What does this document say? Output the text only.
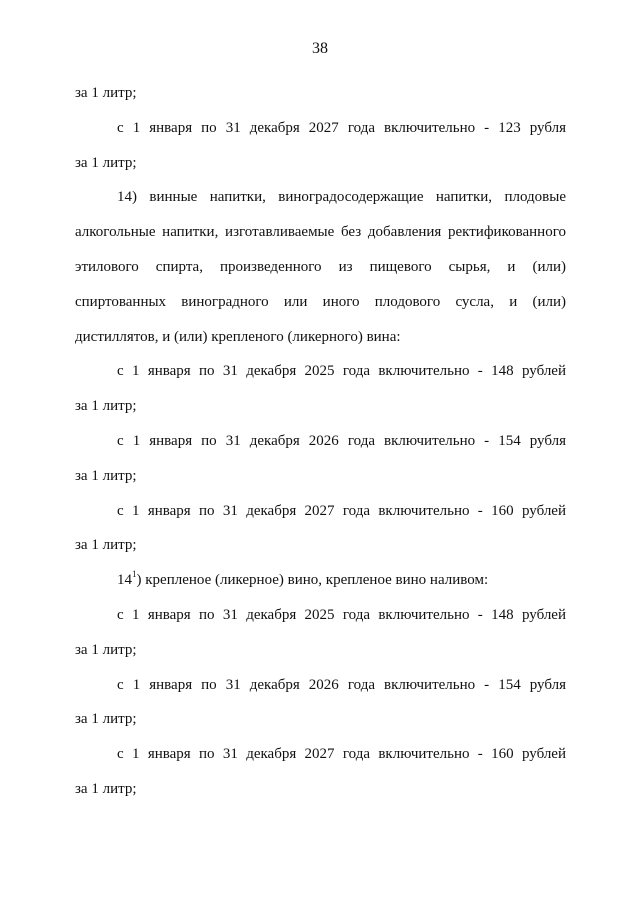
38
за 1 литр;
с 1 января по 31 декабря 2027 года включительно - 123 рубля
за 1 литр;
14) винные напитки, виноградосодержащие напитки, плодовые
алкогольные напитки, изготавливаемые без добавления ректификованного
этилового спирта, произведенного из пищевого сырья, и (или)
спиртованных виноградного или иного плодового сусла, и (или)
дистиллятов, и (или) крепленого (ликерного) вина:
с 1 января по 31 декабря 2025 года включительно - 148 рублей
за 1 литр;
с 1 января по 31 декабря 2026 года включительно - 154 рубля
за 1 литр;
с 1 января по 31 декабря 2027 года включительно - 160 рублей
за 1 литр;
$14^1$) крепленое (ликерное) вино, крепленое вино наливом:
с 1 января по 31 декабря 2025 года включительно - 148 рублей
за 1 литр;
с 1 января по 31 декабря 2026 года включительно - 154 рубля
за 1 литр;
с 1 января по 31 декабря 2027 года включительно - 160 рублей
за 1 литр;
